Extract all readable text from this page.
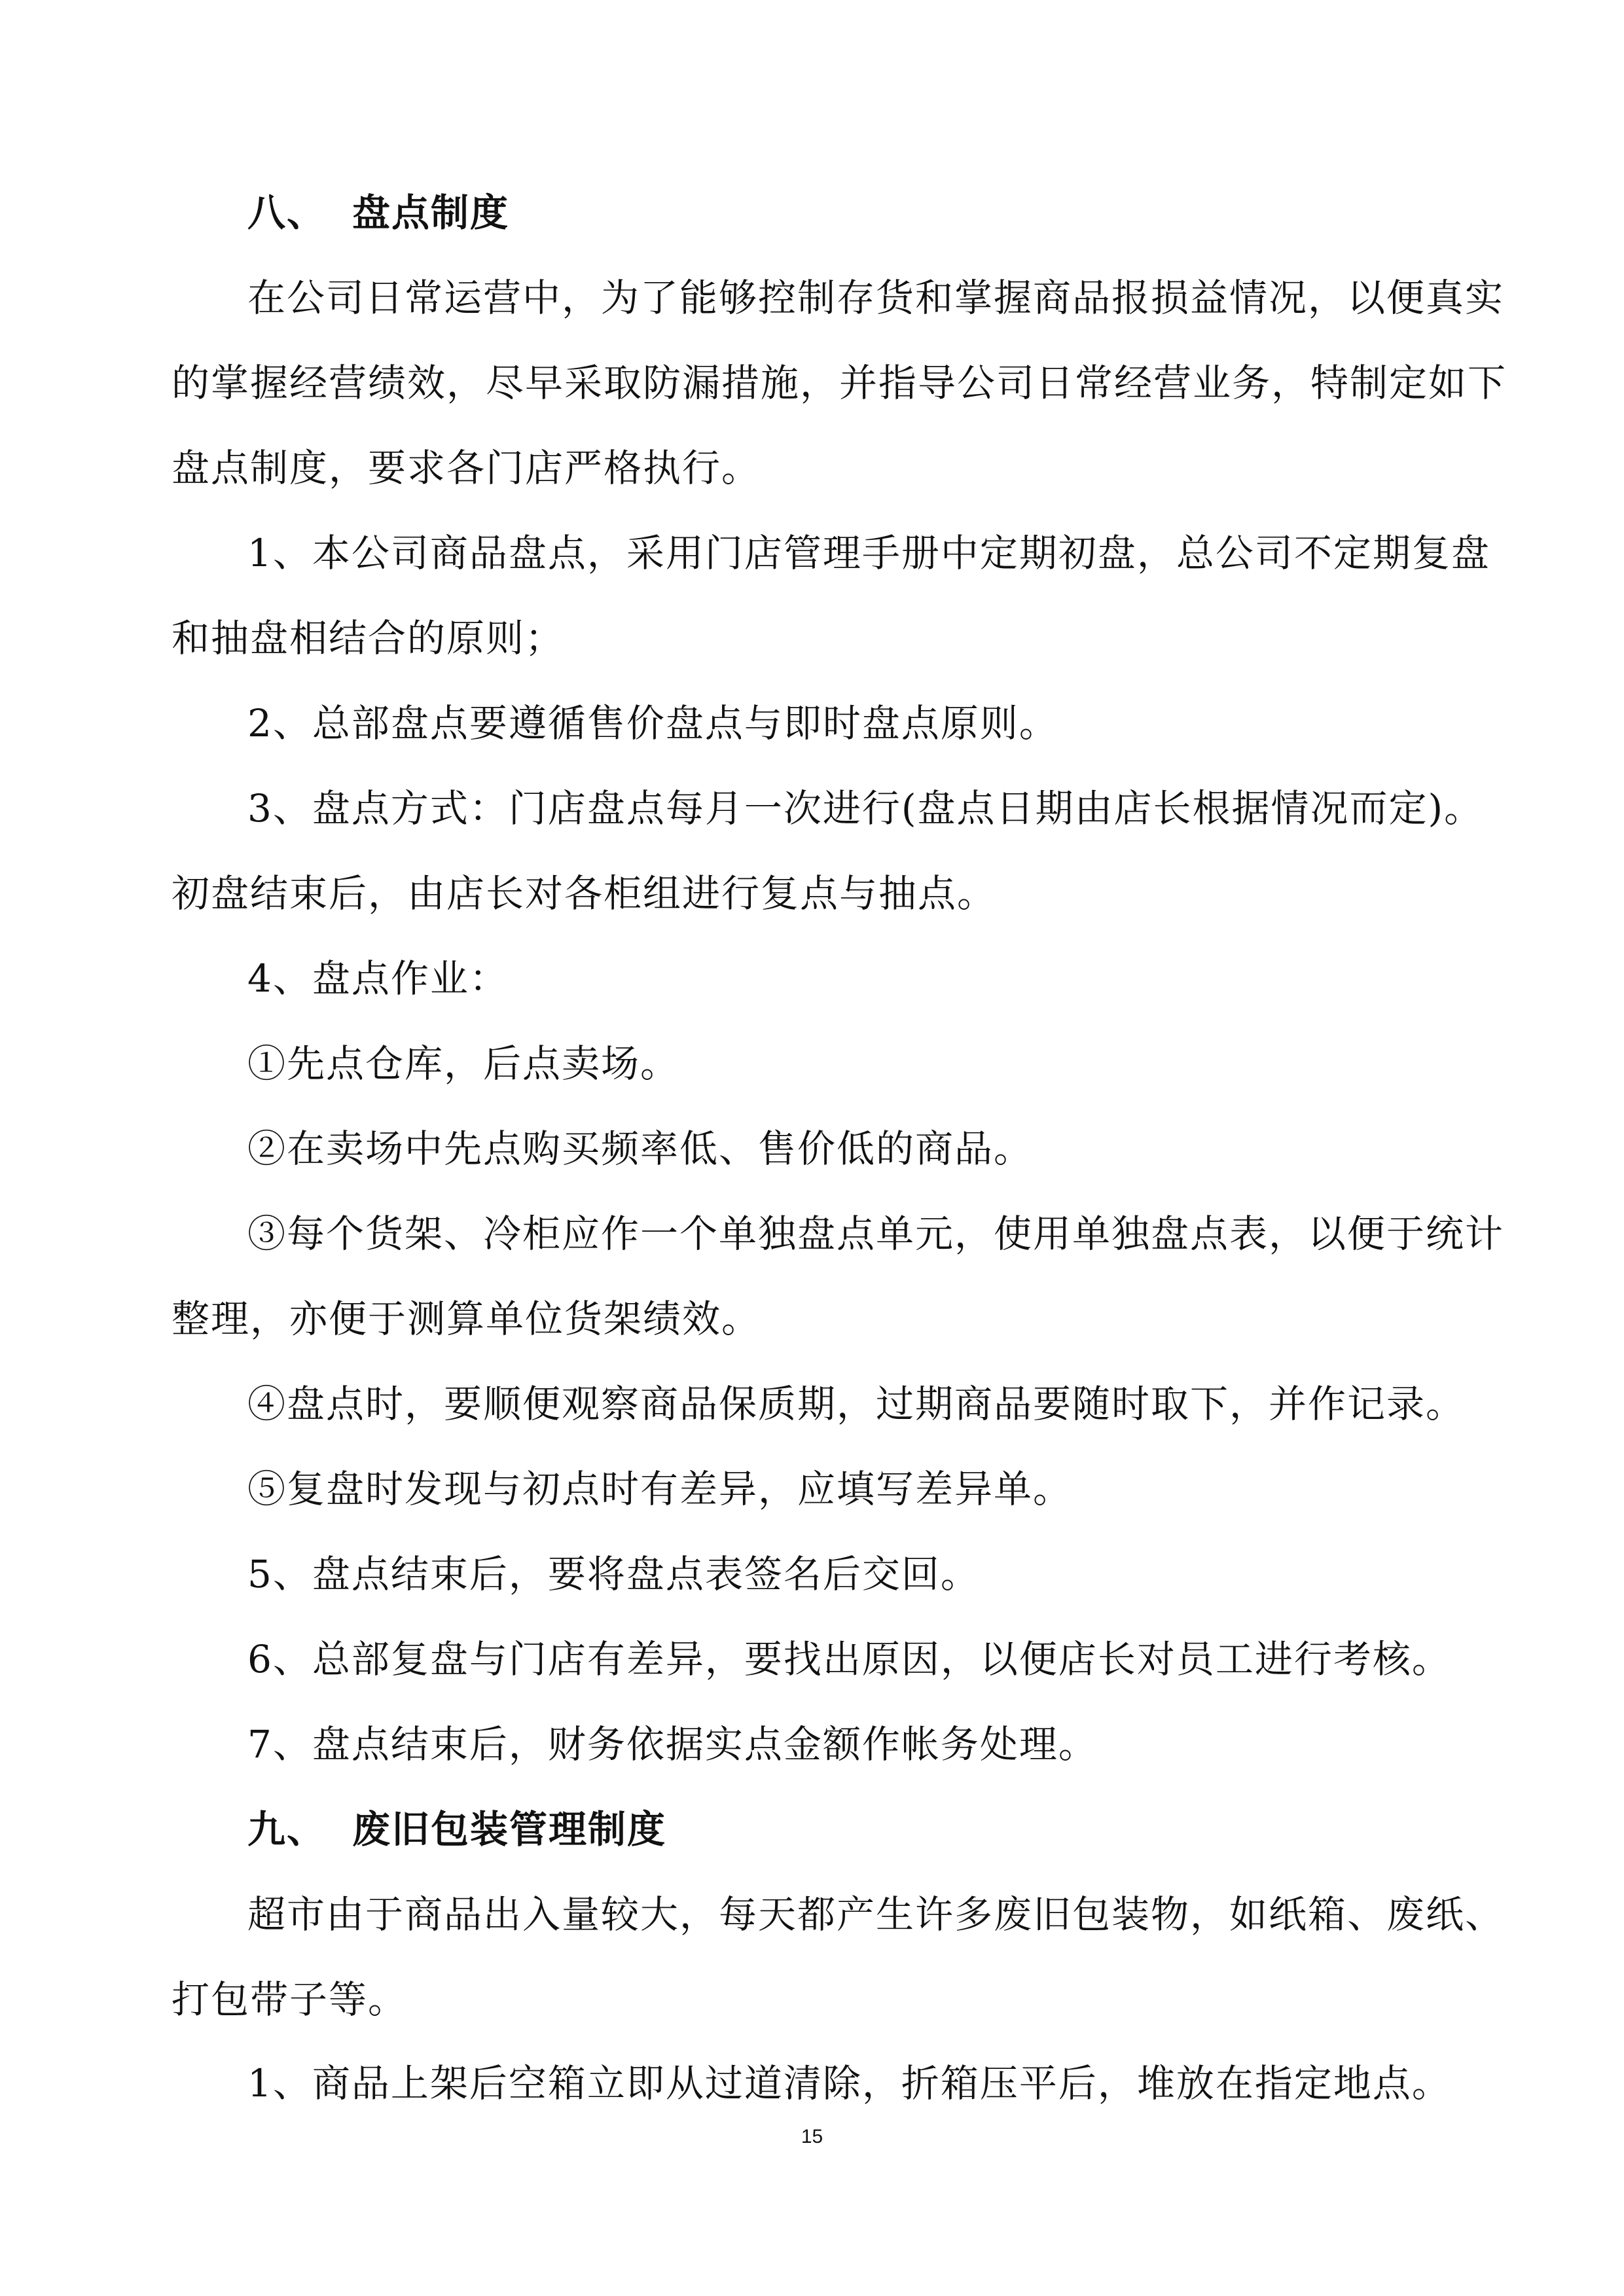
八、 盘点制度
在公司日常运营中，为了能够控制存货和掌握商品报损益情况，以便真实
的掌握经营绩效，尽早采取防漏措施，并指导公司日常经营业务，特制定如下
盘点制度，要求各门店严格执行。
1、本公司商品盘点，采用门店管理手册中定期初盘，总公司不定期复盘
和抽盘相结合的原则；
2、总部盘点要遵循售价盘点与即时盘点原则。
3、盘点方式：门店盘点每月一次进行(盘点日期由店长根据情况而定)。
初盘结束后，由店长对各柜组进行复点与抽点。
4、盘点作业：
①先点仓库，后点卖场。
②在卖场中先点购买频率低、售价低的商品。
③每个货架、冷柜应作一个单独盘点单元，使用单独盘点表，以便于统计
整理，亦便于测算单位货架绩效。
④盘点时，要顺便观察商品保质期，过期商品要随时取下，并作记录。
⑤复盘时发现与初点时有差异，应填写差异单。
5、盘点结束后，要将盘点表签名后交回。
6、总部复盘与门店有差异，要找出原因，以便店长对员工进行考核。
7、盘点结束后，财务依据实点金额作帐务处理。
九、 废旧包装管理制度
超市由于商品出入量较大，每天都产生许多废旧包装物，如纸箱、废纸、
打包带子等。
1、商品上架后空箱立即从过道清除，折箱压平后，堆放在指定地点。
15
